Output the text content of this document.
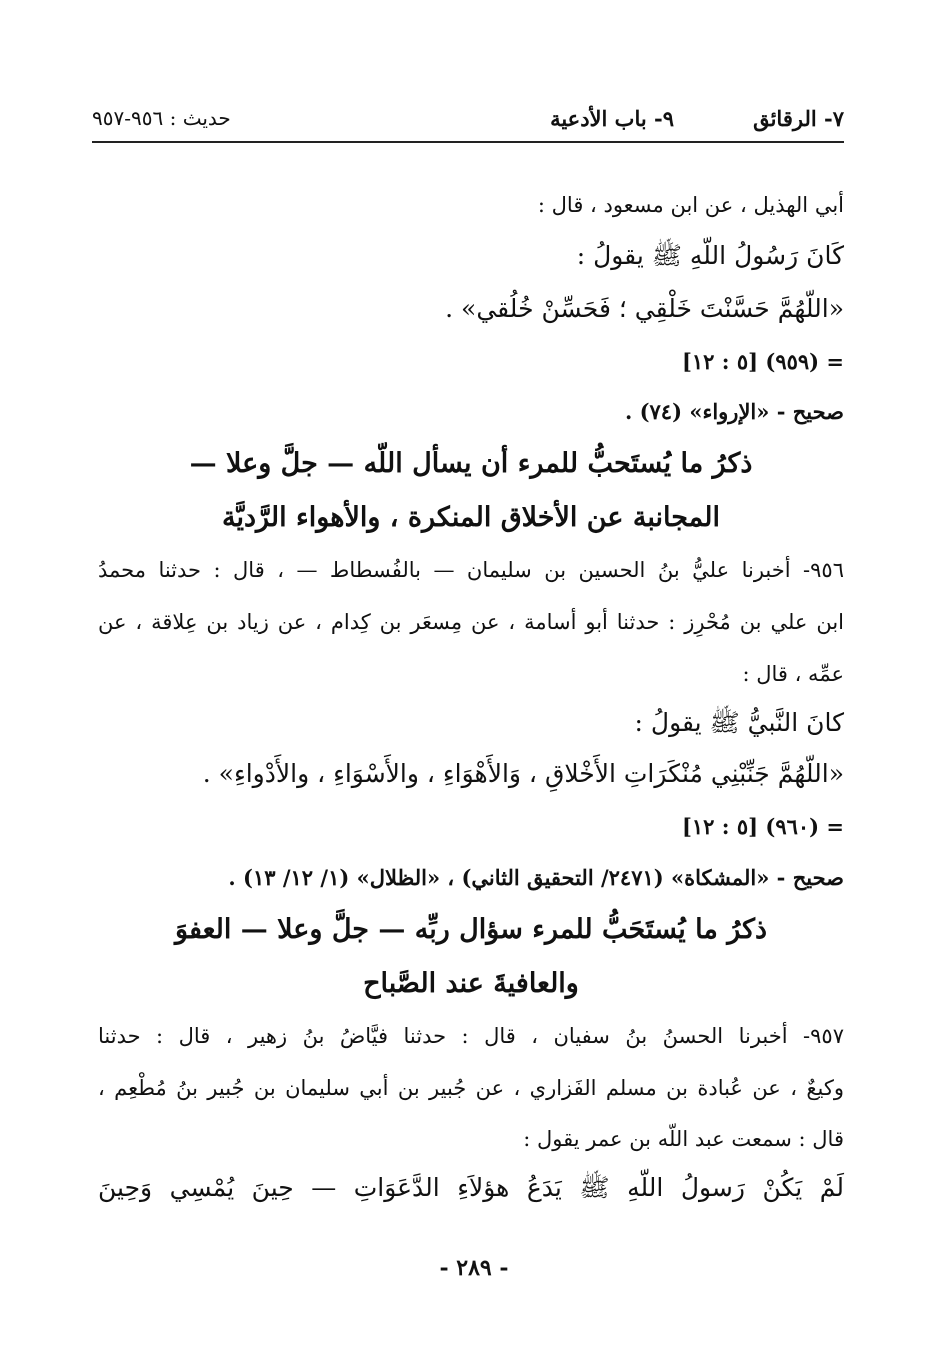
٧- الرقائق
٩- باب الأدعية
حديث : ٩٥٦-٩٥٧
أبي الهذيل ، عن ابن مسعود ، قال :
كَانَ رَسُولُ اللّهِ ﷺ يقولُ :
«اللّهُمَّ حَسَّنْتَ خَلْقِي ؛ فَحَسِّنْ خُلُقي» .
= (٩٥٩) [٥ : ١٢]
صحيح - «الإرواء» (٧٤) .
ذكرُ ما يُستَحبُّ للمرء أن يسأل اللّه — جلَّ وعلا —
المجانبة عن الأخلاق المنكرة ، والأهواء الرَّديَّة
٩٥٦- أخبرنا عليُّ بنُ الحسين بن سليمان — بالفُسطاط — ، قال : حدثنا محمدُ
ابن علي بن مُحْرِز : حدثنا أبو أسامة ، عن مِسعَر بن كِدام ، عن زياد بن عِلاقة ، عن
عمِّه ، قال :
كانَ النَّبيُّ ﷺ يقولُ :
«اللّهُمَّ جَنِّبْنِي مُنْكَرَاتِ الأَخْلاقِ ، وَالأَهْوَاءِ ، والأَسْوَاءِ ، والأَدْواءِ» .
= (٩٦٠) [٥ : ١٢]
صحيح - «المشكاة» (٢٤٧١/ التحقيق الثاني) ، «الظلال» (١/ ١٢/ ١٣) .
ذكرُ ما يُستَحَبُّ للمرء سؤال ربِّه — جلَّ وعلا — العفوَ
والعافيةَ عند الصَّباح
٩٥٧- أخبرنا الحسنُ بنُ سفيان ، قال : حدثنا فيَّاضُ بنُ زهير ، قال : حدثنا
وكيعٌ ، عن عُبادة بن مسلم الفَزاري ، عن جُبير بن أبي سليمان بن جُبير بنُ مُطْعِم ،
قال : سمعت عبد اللّه بن عمر يقول :
لَمْ يَكُنْ رَسولُ اللّهِ ﷺ يَدَعُ هؤلاَءِ الدَّعَوَاتِ — حِينَ يُمْسِي وَحِينَ
- ٢٨٩ -
